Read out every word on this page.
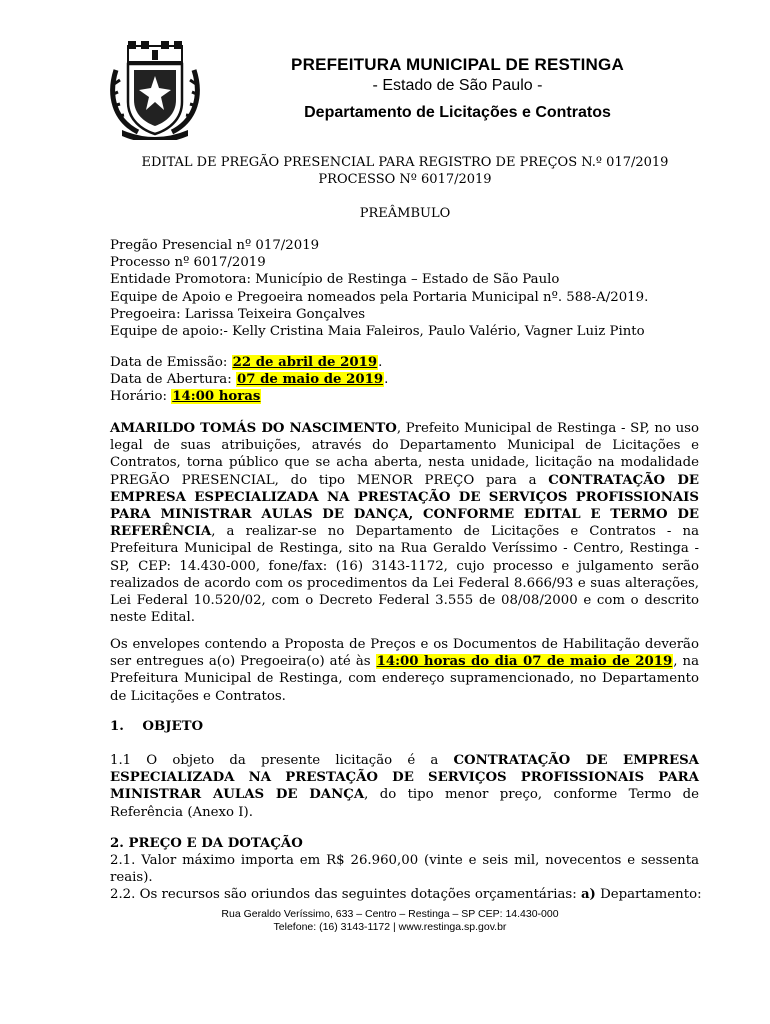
PREFEITURA MUNICIPAL DE RESTINGA
- Estado de São Paulo -
Departamento de Licitações e Contratos
EDITAL DE PREGÃO PRESENCIAL PARA REGISTRO DE PREÇOS N.º 017/2019
PROCESSO Nº 6017/2019
PREÂMBULO
Pregão Presencial nº 017/2019
Processo nº 6017/2019
Entidade Promotora: Município de Restinga – Estado de São Paulo
Equipe de Apoio e Pregoeira nomeados pela Portaria Municipal nº. 588-A/2019.
Pregoeira: Larissa Teixeira Gonçalves
Equipe de apoio:- Kelly Cristina Maia Faleiros, Paulo Valério, Vagner Luiz Pinto
Data de Emissão: 22 de abril de 2019.
Data de Abertura: 07 de maio de 2019.
Horário: 14:00 horas
AMARILDO TOMÁS DO NASCIMENTO, Prefeito Municipal de Restinga - SP, no uso legal de suas atribuições, através do Departamento Municipal de Licitações e Contratos, torna público que se acha aberta, nesta unidade, licitação na modalidade PREGÃO PRESENCIAL, do tipo MENOR PREÇO para a CONTRATAÇÃO DE EMPRESA ESPECIALIZADA NA PRESTAÇÃO DE SERVIÇOS PROFISSIONAIS PARA MINISTRAR AULAS DE DANÇA, CONFORME EDITAL E TERMO DE REFERÊNCIA, a realizar-se no Departamento de Licitações e Contratos - na Prefeitura Municipal de Restinga, sito na Rua Geraldo Veríssimo - Centro, Restinga - SP, CEP: 14.430-000, fone/fax: (16) 3143-1172, cujo processo e julgamento serão realizados de acordo com os procedimentos da Lei Federal 8.666/93 e suas alterações, Lei Federal 10.520/02, com o Decreto Federal 3.555 de 08/08/2000 e com o descrito neste Edital.
Os envelopes contendo a Proposta de Preços e os Documentos de Habilitação deverão ser entregues a(o) Pregoeira(o) até às 14:00 horas do dia 07 de maio de 2019, na Prefeitura Municipal de Restinga, com endereço supramencionado, no Departamento de Licitações e Contratos.
1.    OBJETO
1.1 O objeto da presente licitação é a CONTRATAÇÃO DE EMPRESA ESPECIALIZADA NA PRESTAÇÃO DE SERVIÇOS PROFISSIONAIS PARA MINISTRAR AULAS DE DANÇA, do tipo menor preço, conforme Termo de Referência (Anexo I).
2. PREÇO E DA DOTAÇÃO
2.1. Valor máximo importa em R$ 26.960,00 (vinte e seis mil, novecentos e sessenta reais).
2.2. Os recursos são oriundos das seguintes dotações orçamentárias: a) Departamento:
Rua Geraldo Veríssimo, 633 – Centro – Restinga – SP CEP: 14.430-000
Telefone: (16) 3143-1172 | www.restinga.sp.gov.br
